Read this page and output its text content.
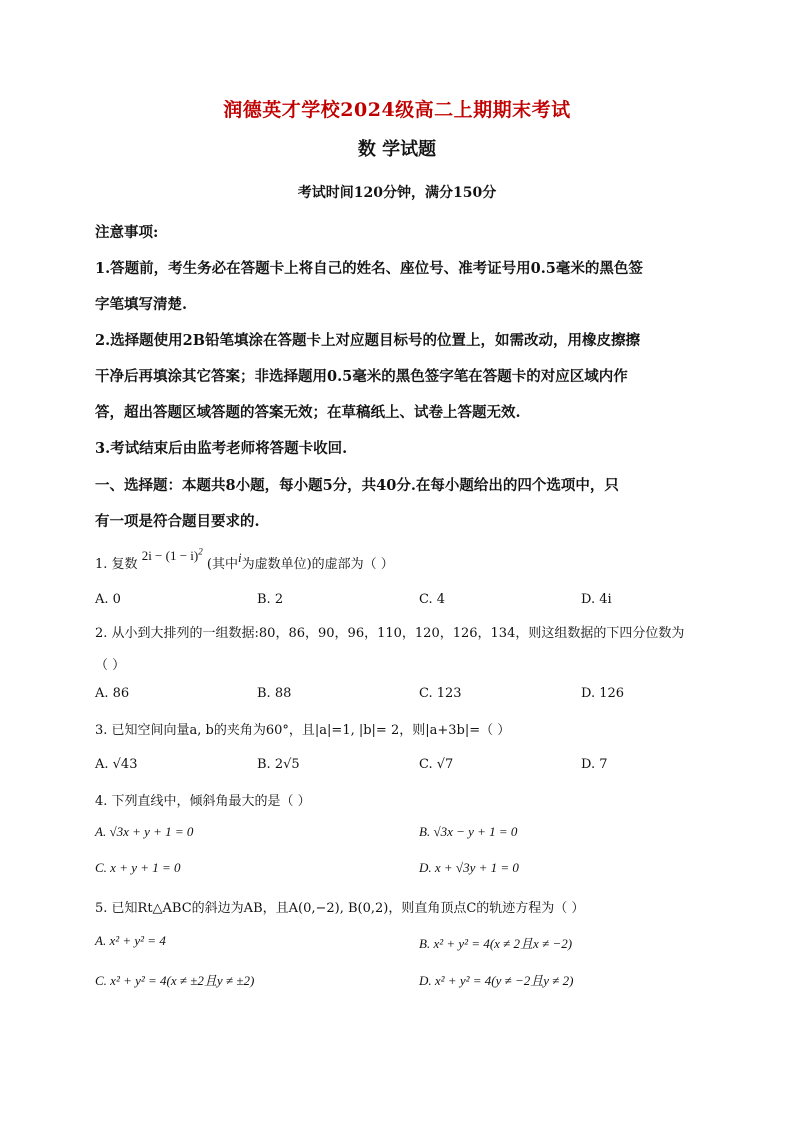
润德英才学校2024级高二上期期末考试
数 学试题
考试时间120分钟，满分150分
注意事项:
1.答题前，考生务必在答题卡上将自己的姓名、座位号、准考证号用0.5毫米的黑色签
字笔填写清楚.
2.选择题使用2B铅笔填涂在答题卡上对应题目标号的位置上，如需改动，用橡皮擦擦
干净后再填涂其它答案；非选择题用0.5毫米的黑色签字笔在答题卡的对应区域内作
答，超出答题区域答题的答案无效；在草稿纸上、试卷上答题无效.
3.考试结束后由监考老师将答题卡收回.
一、选择题：本题共8小题，每小题5分，共40分.在每小题给出的四个选项中，只
有一项是符合题目要求的.
1. 复数 $2i - (1 - i)^2$ (其中i为虚数单位)的虚部为（ ）
A. 0	B. 2	C. 4	D. 4i
2. 从小到大排列的一组数据:80，86，90，96，110，120，126，134，则这组数据的下四分位数为
（ ）
A. 86	B. 88	C. 123	D. 126
3. 已知空间向量a, b的夹角为60°，且|a|=1, |b|= 2，则|a+3b|=（ ）
A. √43	B. 2√5	C. √7	D. 7
4. 下列直线中，倾斜角最大的是（ ）
A. √3x + y + 1 = 0	B. √3x − y + 1 = 0
C. x + y + 1 = 0	D. x + √3y + 1 = 0
5. 已知Rt△ABC的斜边为AB，且A(0,−2), B(0,2)，则直角顶点C的轨迹方程为（ ）
A. x² + y² = 4	B. x² + y² = 4(x ≠ 2且x ≠ −2)
C. x² + y² = 4(x ≠ ±2且y ≠ ±2)	D. x² + y² = 4(y ≠ −2且y ≠ 2)
